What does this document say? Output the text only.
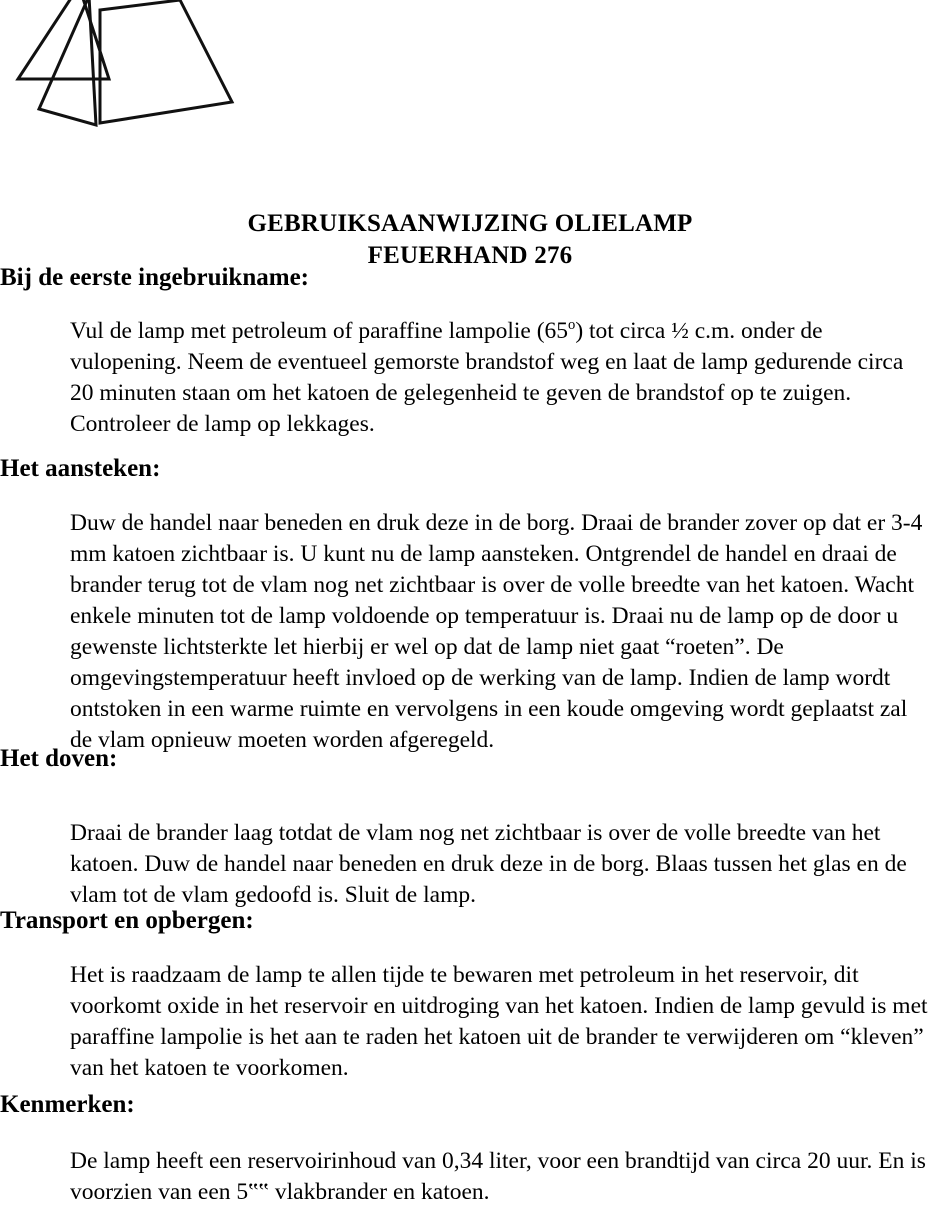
GEBRUIKSAANWIJZING OLIELAMP
FEUERHAND 276
Bij de eerste ingebruikname:
Vul de lamp met petroleum of paraffine lampolie (65$^o$) tot circa ½ c.m. onder de vulopening. Neem de eventueel gemorste brandstof weg en laat de lamp gedurende circa 20 minuten staan om het katoen de gelegenheid te geven de brandstof op te zuigen. Controleer de lamp op lekkages.
Het aansteken:
Duw de handel naar beneden en druk deze in de borg. Draai de brander zover op dat er 3-4 mm katoen zichtbaar is. U kunt nu de lamp aansteken. Ontgrendel de handel en draai de brander terug tot de vlam nog net zichtbaar is over de volle breedte van het katoen. Wacht enkele minuten tot de lamp voldoende op temperatuur is. Draai nu de lamp op de door u gewenste lichtsterkte let hierbij er wel op dat de lamp niet gaat “roeten”. De omgevingstemperatuur heeft invloed op de werking van de lamp. Indien de lamp wordt ontstoken in een warme ruimte en vervolgens in een koude omgeving wordt geplaatst zal de vlam opnieuw moeten worden afgeregeld.
Het doven:
Draai de brander laag totdat de vlam nog net zichtbaar is over de volle breedte van het katoen. Duw de handel naar beneden en druk deze in de borg. Blaas tussen het glas en de vlam tot de vlam gedoofd is. Sluit de lamp.
Transport en opbergen:
Het is raadzaam de lamp te allen tijde te bewaren met petroleum in het reservoir, dit voorkomt oxide in het reservoir en uitdroging van het katoen. Indien de lamp gevuld is met paraffine lampolie is het aan te raden het katoen uit de brander te verwijderen om “kleven” van het katoen te voorkomen.
Kenmerken:
De lamp heeft een reservoirinhoud van 0,34 liter, voor een brandtijd van circa 20 uur. En is voorzien van een 5‟‟ vlakbrander en katoen.
